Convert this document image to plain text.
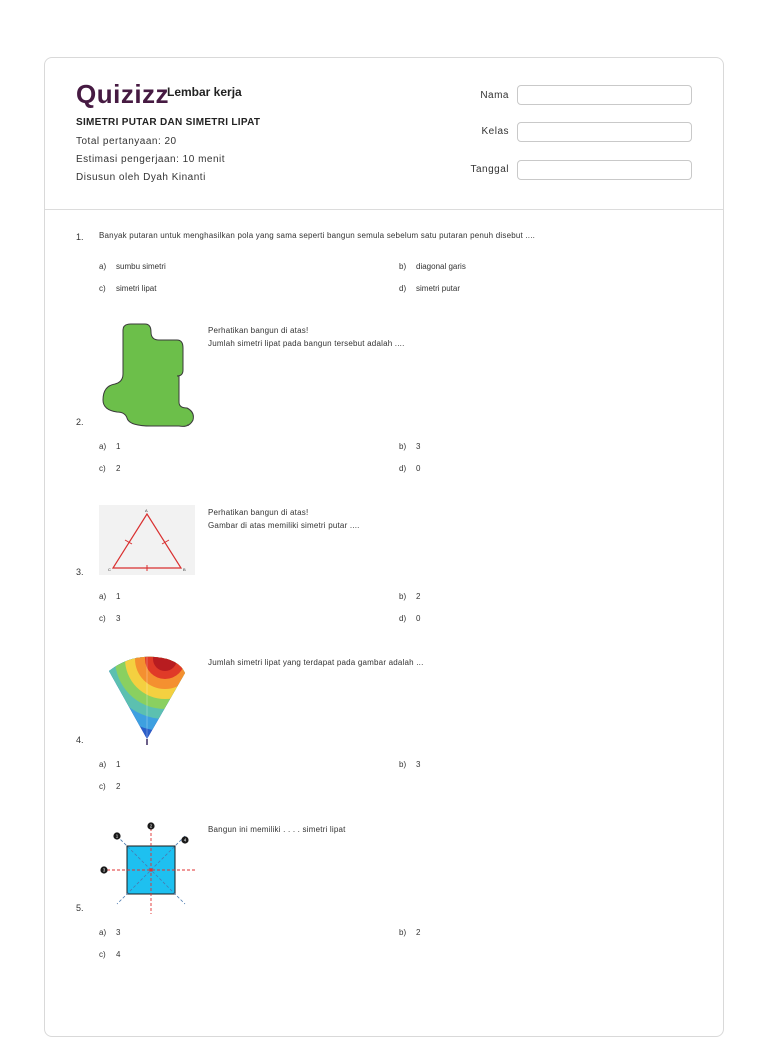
Quizizz
Lembar kerja
SIMETRI PUTAR DAN SIMETRI LIPAT
Total pertanyaan: 20
Estimasi pengerjaan: 10 menit
Disusun oleh Dyah Kinanti
Nama
Kelas
Tanggal
1. Banyak putaran untuk menghasilkan pola yang sama seperti bangun semula sebelum satu putaran penuh disebut ....
a) sumbu simetri	b) diagonal garis
c) simetri lipat	d) simetri putar
e°
Perhatikan bangun di atas!
Jumlah simetri lipat pada bangun tersebut adalah ....
2.
a) 1	b) 3
c) 2	d) 0
A
C	B
Perhatikan bangun di atas!
Gambar di atas memiliki simetri putar ....
3.
a) 1	b) 2
c) 3	d) 0
Jumlah simetri lipat yang terdapat pada gambar adalah ...
4.
a) 1	b) 3
c) 2
2
1
4
3
Bangun ini memiliki . . . . simetri lipat
5.
a) 3	b) 2
c) 4
